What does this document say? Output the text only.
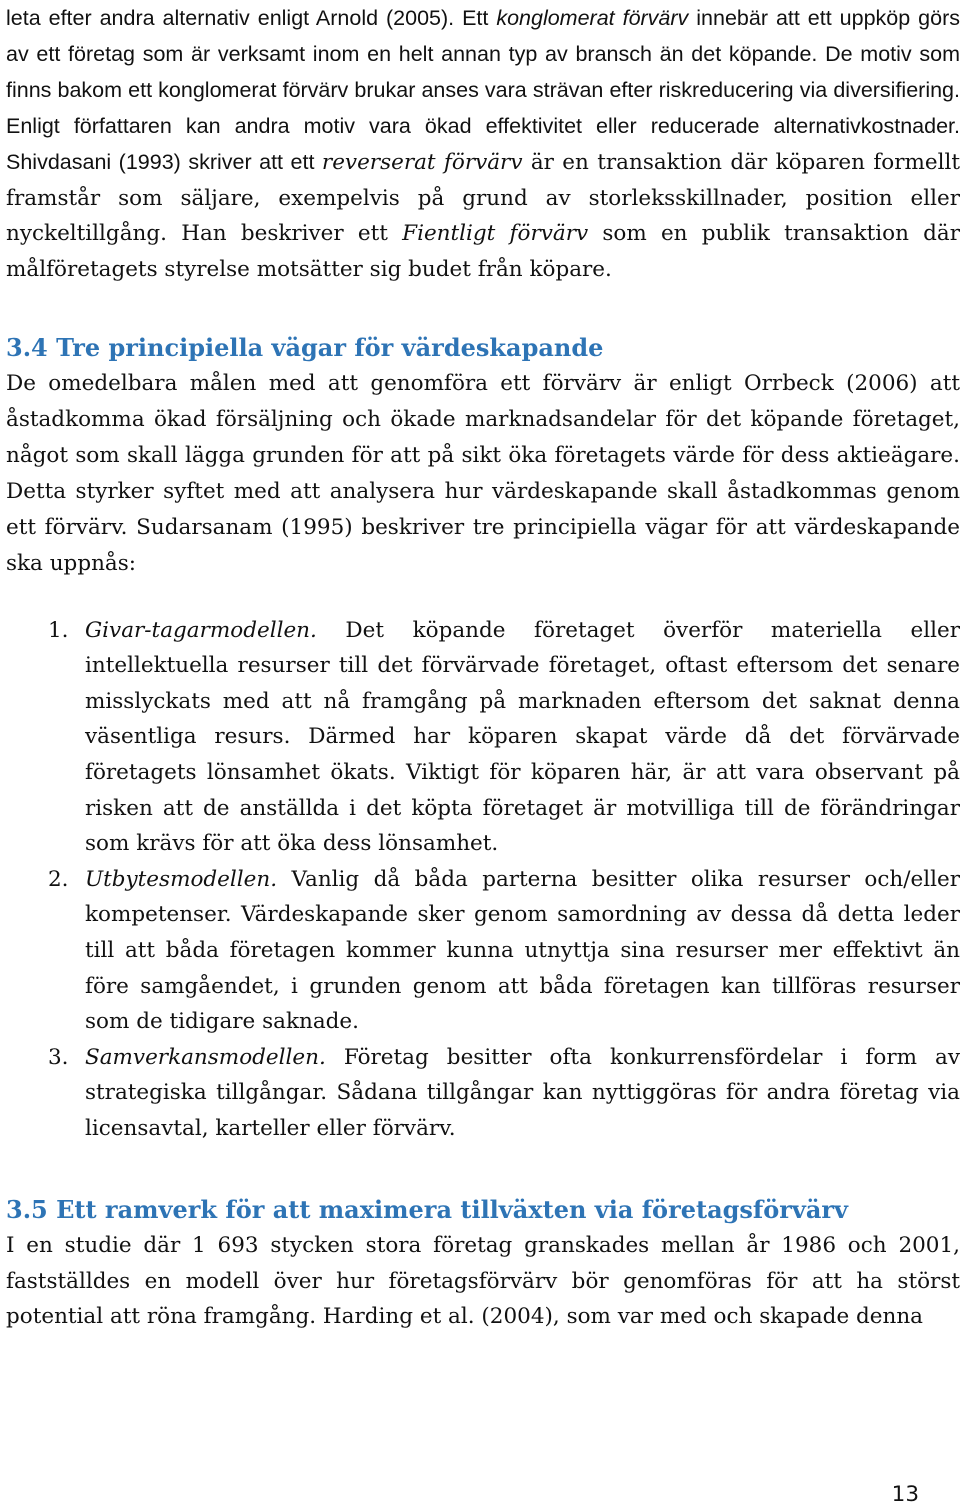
leta efter andra alternativ enligt Arnold (2005). Ett konglomerat förvärv innebär att ett uppköp görs av ett företag som är verksamt inom en helt annan typ av bransch än det köpande. De motiv som finns bakom ett konglomerat förvärv brukar anses vara strävan efter riskreducering via diversifiering. Enligt författaren kan andra motiv vara ökad effektivitet eller reducerade alternativkostnader. Shivdasani (1993) skriver att ett reverserat förvärv är en transaktion där köparen formellt framstår som säljare, exempelvis på grund av storleksskillnader, position eller nyckeltillgång. Han beskriver ett Fientligt förvärv som en publik transaktion där målföretagets styrelse motsätter sig budet från köpare.

3.4 Tre principiella vägar för värdeskapande

De omedelbara målen med att genomföra ett förvärv är enligt Orrbeck (2006) att åstadkomma ökad försäljning och ökade marknadsandelar för det köpande företaget, något som skall lägga grunden för att på sikt öka företagets värde för dess aktieägare. Detta styrker syftet med att analysera hur värdeskapande skall åstadkommas genom ett förvärv. Sudarsanam (1995) beskriver tre principiella vägar för att värdeskapande ska uppnås:

1. Givar-tagarmodellen. Det köpande företaget överför materiella eller intellektuella resurser till det förvärvade företaget, oftast eftersom det senare misslyckats med att nå framgång på marknaden eftersom det saknat denna väsentliga resurs. Därmed har köparen skapat värde då det förvärvade företagets lönsamhet ökats. Viktigt för köparen här, är att vara observant på risken att de anställda i det köpta företaget är motvilliga till de förändringar som krävs för att öka dess lönsamhet.
2. Utbytesmodellen. Vanlig då båda parterna besitter olika resurser och/eller kompetenser. Värdeskapande sker genom samordning av dessa då detta leder till att båda företagen kommer kunna utnyttja sina resurser mer effektivt än före samgåendet, i grunden genom att båda företagen kan tillföras resurser som de tidigare saknade.
3. Samverkansmodellen. Företag besitter ofta konkurrensfördelar i form av strategiska tillgångar. Sådana tillgångar kan nyttiggöras för andra företag via licensavtal, karteller eller förvärv.
3.5 Ett ramverk för att maximera tillväxten via företagsförvärv

I en studie där 1 693 stycken stora företag granskades mellan år 1986 och 2001, fastställdes en modell över hur företagsförvärv bör genomföras för att ha störst potential att röna framgång. Harding et al. (2004), som var med och skapade denna

13
